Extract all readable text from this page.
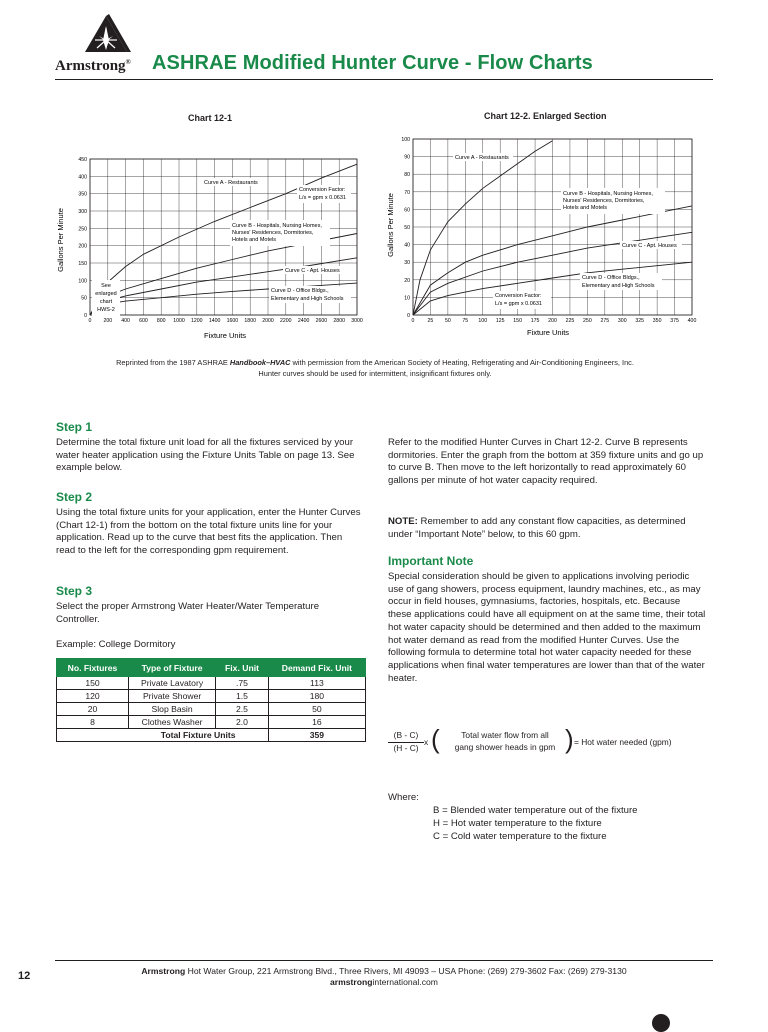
Armstrong® ASHRAE Modified Hunter Curve - Flow Charts
Chart 12-1
0 200 400 600 800 1000 1200 1400 1600 1800 2000 2200 2400 2600 2800 3000
0
50
100
150
200
250
300
350
400
450
Gallons Per Minute
Fixture Units
Curve A - Restaurants
Conversion Factor:
L/s = gpm x 0.0631
Curve B - Hospitals, Nursing Homes,
Nurses' Residences, Dormitories,
Hotels and Motels
Curve C - Apt. Houses
Curve D - Office Bldgs.,
Elementary and High Schools
See
enlarged
chart
HWS-2
Chart 12-2. Enlarged Section
0	25 50 75 100 125 150 175 200 225 250 275 300 325 350 375 400
0
10
20
30
40
50
60
70
80
90
100
Gallons Per Minute
Fixture Units
Curve A - Restaurants
Curve B - Hospitals, Nursing Homes,
Nurses' Residences, Dormitories,
Hotels and Motels
Curve C - Apt. Houses
Curve D - Office Bldgs.,
Elementary and High Schools
Conversion Factor:
L/s = gpm x 0.0631
Reprinted from the 1987 ASHRAE Handbook–HVAC with permission from the American Society of Heating, Refrigerating and Air-Conditioning Engineers, Inc.
Hunter curves should be used for intermittent, insignificant fixtures only.
Step 1
Determine the total fixture unit load for all the fixtures serviced by your water heater application using the Fixture Units Table on page 13. See example below.
Step 2
Using the total fixture units for your application, enter the Hunter Curves (Chart 12-1) from the bottom on the total fixture units line for your application. Read up to the curve that best fits the application. Then read to the left for the corresponding gpm requirement.
Step 3
Select the proper Armstrong Water Heater/Water Temperature Controller.
Example: College Dormitory
No. Fixtures	Type of Fixture	Fix. Unit	Demand Fix. Unit
150	Private Lavatory	.75	113
120	Private Shower	1.5	180
20	Slop Basin	2.5	50
8	Clothes Washer	2.0	16
	Total Fixture Units		359
Refer to the modified Hunter Curves in Chart 12-2. Curve B represents dormitories. Enter the graph from the bottom at 359 fixture units and go up to curve B. Then move to the left horizontally to read approximately 60 gallons per minute of hot water capacity required.
NOTE: Remember to add any constant flow capacities, as determined under “Important Note” below, to this 60 gpm.
Important Note
Special consideration should be given to applications involving periodic use of gang showers, process equipment, laundry machines, etc., as may occur in field houses, gymnasiums, factories, hospitals, etc. Because these applications could have all equipment on at the same time, their total hot water capacity should be determined and then added to the maximum hot water demand as read from the modified Hunter Curves. Use the following formula to determine total hot water capacity needed for these applications when final water temperatures are lower than that of the water heater.
$\frac{(B - C)}{(H - C)}$ x (	Total water flow from all
gang shower heads in gpm ) = Hot water needed (gpm)
Where:
B = Blended water temperature out of the fixture
H = Hot water temperature to the fixture
C = Cold water temperature to the fixture
12	Armstrong Hot Water Group, 221 Armstrong Blvd., Three Rivers, MI 49093 – USA Phone: (269) 279-3602 Fax: (269) 279-3130
armstronginternational.com
